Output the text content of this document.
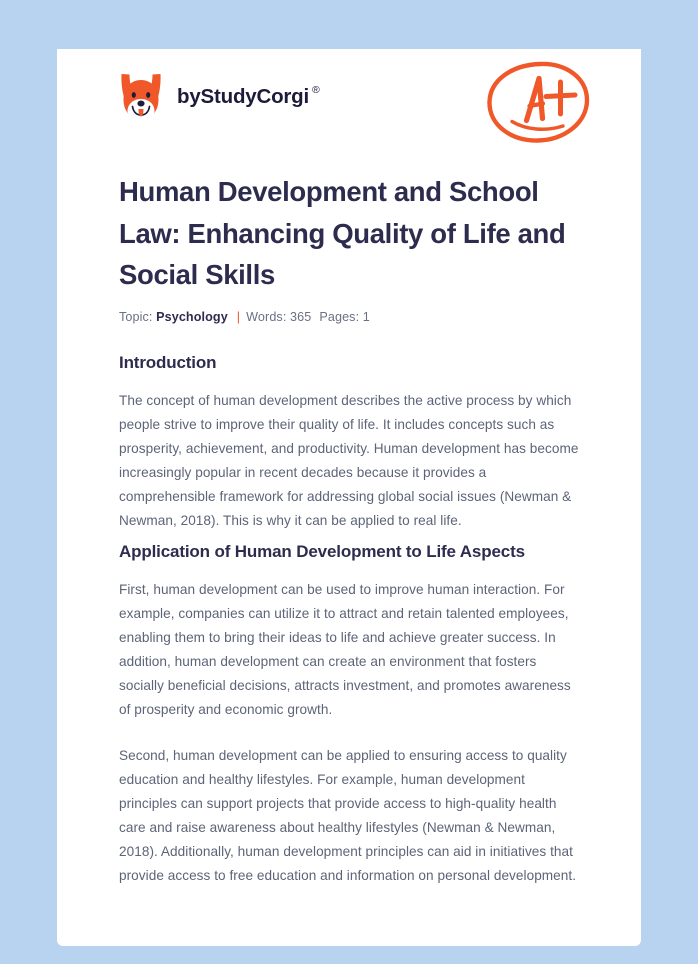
by StudyCorgi ®
Human Development and School Law: Enhancing Quality of Life and Social Skills
Topic: Psychology | Words: 365 Pages: 1
Introduction

The concept of human development describes the active process by which people strive to improve their quality of life. It includes concepts such as prosperity, achievement, and productivity. Human development has become increasingly popular in recent decades because it provides a comprehensible framework for addressing global social issues (Newman & Newman, 2018). This is why it can be applied to real life.

Application of Human Development to Life Aspects

First, human development can be used to improve human interaction. For example, companies can utilize it to attract and retain talented employees, enabling them to bring their ideas to life and achieve greater success. In addition, human development can create an environment that fosters socially beneficial decisions, attracts investment, and promotes awareness of prosperity and economic growth.

Second, human development can be applied to ensuring access to quality education and healthy lifestyles. For example, human development principles can support projects that provide access to high-quality health care and raise awareness about healthy lifestyles (Newman & Newman, 2018). Additionally, human development principles can aid in initiatives that provide access to free education and information on personal development.
